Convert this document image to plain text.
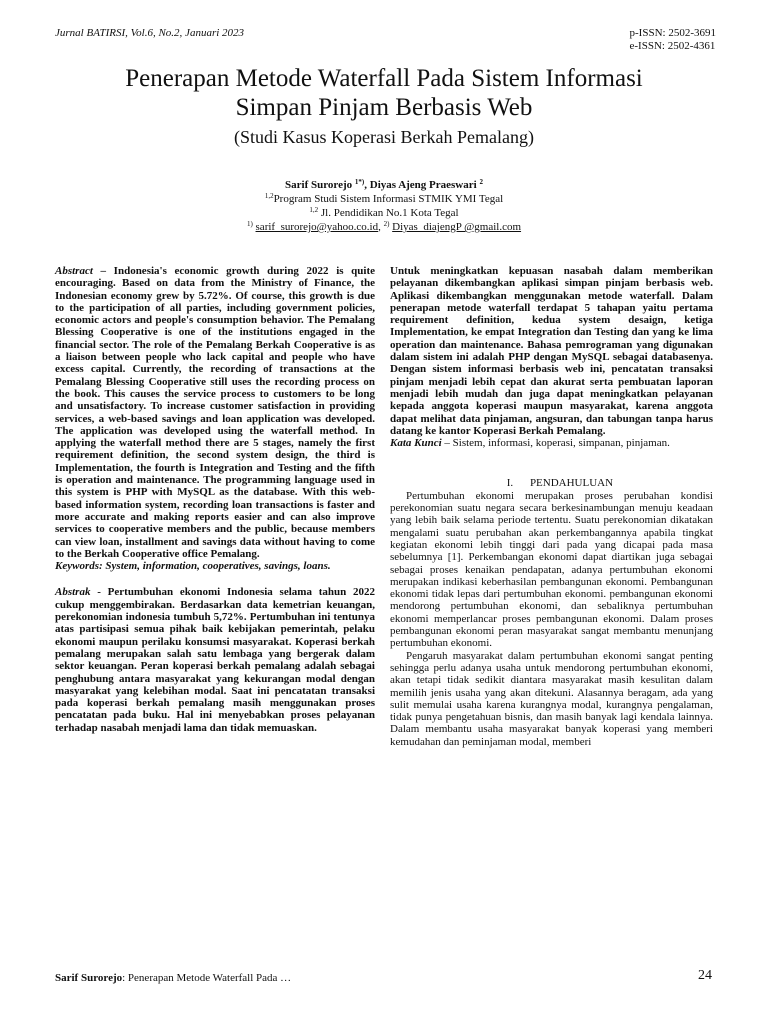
Jurnal BATIRSI, Vol.6, No.2, Januari 2023	p-ISSN: 2502-3691
e-ISSN: 2502-4361
Penerapan Metode Waterfall Pada Sistem Informasi
Simpan Pinjam Berbasis Web
(Studi Kasus Koperasi Berkah Pemalang)
Sarif Surorejo $^{1*)}$, Diyas Ajeng Praeswari $^2$
$^{1,2}$Program Studi Sistem Informasi STMIK YMI Tegal
$^{1,2}$ Jl. Pendidikan No.1 Kota Tegal
$^{1)}$ sarif_surorejo@yahoo.co.id, $^{2)}$ Diyas_diajengP @gmail.com

Abstract – Indonesia's economic growth during 2022 is quite encouraging. Based on data from the Ministry of Finance, the Indonesian economy grew by 5.72%. Of course, this growth is due to the participation of all parties, including government policies, economic actors and people's consumption behavior. The Pemalang Blessing Cooperative is one of the institutions engaged in the financial sector. The role of the Pemalang Berkah Cooperative is as a liaison between people who lack capital and people who have excess capital. Currently, the recording of transactions at the Pemalang Blessing Cooperative still uses the recording process on the book. This causes the service process to customers to be long and unsatisfactory. To increase customer satisfaction in providing services, a web-based savings and loan application was developed. The application was developed using the waterfall method. In applying the waterfall method there are 5 stages, namely the first requirement definition, the second system design, the third is Implementation, the fourth is Integration and Testing and the fifth is operation and maintenance. The programming language used in this system is PHP with MySQL as the database. With this web-based information system, recording loan transactions is faster and more accurate and making reports easier and can also improve services to cooperative members and the public, because members can view loan, installment and savings data without having to come to the Berkah Cooperative office Pemalang.

Keywords: System, information, cooperatives, savings, loans.

Abstrak - Pertumbuhan ekonomi Indonesia selama tahun 2022 cukup menggembirakan. Berdasarkan data kemetrian keuangan, perekonomian indonesia tumbuh 5,72%. Pertumbuhan ini tentunya atas partisipasi semua pihak baik kebijakan pemerintah, pelaku ekonomi maupun perilaku konsumsi masyarakat. Koperasi berkah pemalang merupakan salah satu lembaga yang bergerak dalam sektor keuangan. Peran koperasi berkah pemalang adalah sebagai penghubung antara masyarakat yang kekurangan modal dengan masyarakat yang kelebihan modal. Saat ini pencatatan transaksi pada koperasi berkah pemalang masih menggunakan proses pencatatan pada buku. Hal ini menyebabkan proses pelayanan terhadap nasabah menjadi lama dan tidak memuaskan.

Untuk meningkatkan kepuasan nasabah dalam memberikan pelayanan dikembangkan aplikasi simpan pinjam berbasis web. Aplikasi dikembangkan menggunakan metode waterfall. Dalam penerapan metode waterfall terdapat 5 tahapan yaitu pertama requirement definition, kedua system desaign, ketiga Implementation, ke empat Integration dan Testing dan yang ke lima operation dan maintenance. Bahasa pemrograman yang digunakan dalam sistem ini adalah PHP dengan MySQL sebagai databasenya. Dengan sistem informasi berbasis web ini, pencatatan transaksi pinjam menjadi lebih cepat dan akurat serta pembuatan laporan menjadi lebih mudah dan juga dapat meningkatkan pelayanan kepada anggota koperasi maupun masyarakat, karena anggota dapat melihat data pinjaman, angsuran, dan tabungan tanpa harus datang ke kantor Koperasi Berkah Pemalang.

Kata Kunci – Sistem, informasi, koperasi, simpanan, pinjaman.

I. PENDAHULUAN

Pertumbuhan ekonomi merupakan proses perubahan kondisi perekonomian suatu negara secara berkesinambungan menuju keadaan yang lebih baik selama periode tertentu. Suatu perekonomian dikatakan mengalami suatu perubahan akan perkembangannya apabila tingkat kegiatan ekonomi lebih tinggi dari pada yang dicapai pada masa sebelumnya [1]. Perkembangan ekonomi dapat diartikan juga sebagai sebagai proses kenaikan pendapatan, adanya pertumbuhan ekonomi merupakan indikasi keberhasilan pembangunan ekonomi. Pembangunan ekonomi tidak lepas dari pertumbuhan ekonomi. pembangunan ekonomi mendorong pertumbuhan ekonomi, dan sebaliknya pertumbuhan ekonomi memperlancar proses pembangunan ekonomi. Dalam proses pembangunan ekonomi peran masyarakat sangat membantu menunjang pertumbuhan ekonomi.

Pengaruh masyarakat dalam pertumbuhan ekonomi sangat penting sehingga perlu adanya usaha untuk mendorong pertumbuhan ekonomi, akan tetapi tidak sedikit diantara masyarakat masih kesulitan dalam memilih jenis usaha yang akan ditekuni. Alasannya beragam, ada yang sulit memulai usaha karena kurangnya modal, kurangnya pengalaman, tidak punya pengetahuan bisnis, dan masih banyak lagi kendala lainnya. Dalam membantu usaha masyarakat banyak koperasi yang memberi kemudahan dan peminjaman modal, memberi

Sarif Surorejo: Penerapan Metode Waterfall Pada …	24
